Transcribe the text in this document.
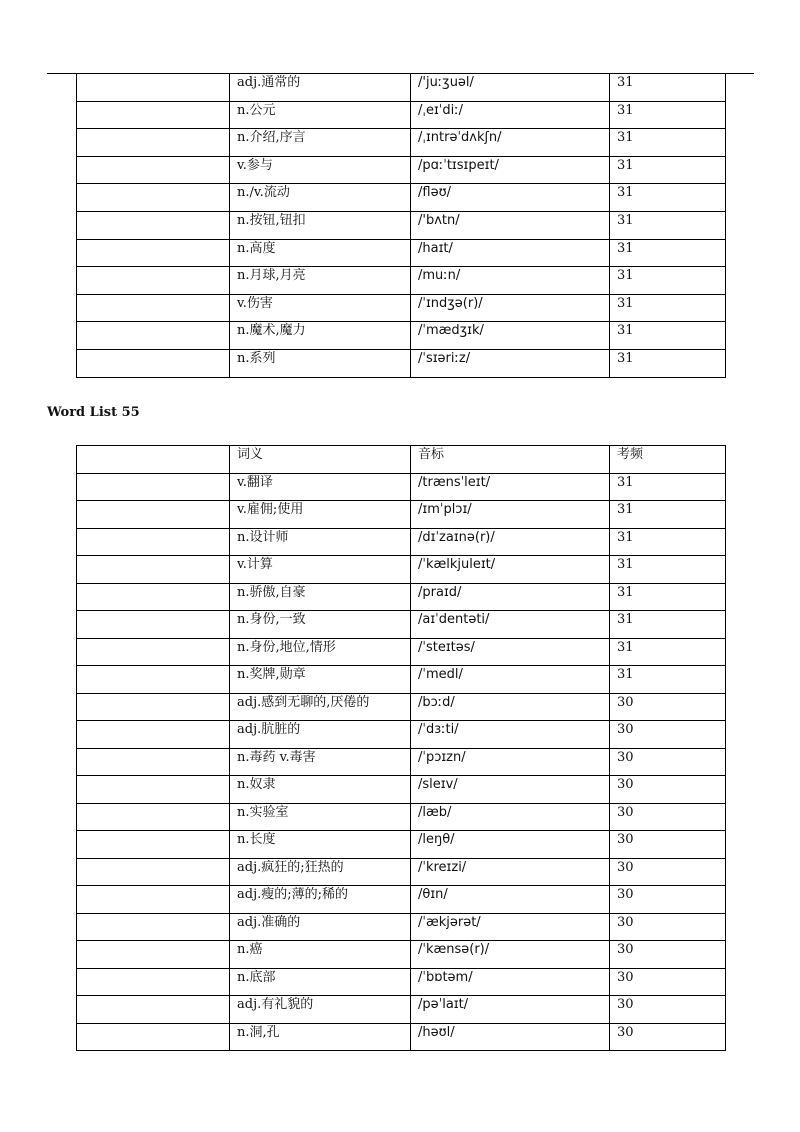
	adj.通常的	/'juːʒuəl/	31
	n.公元	/ˌeɪˈdiː/	31
	n.介绍,序言	/ˌɪntrəˈdʌkʃn/	31
	v.参与	/pɑːˈtɪsɪpeɪt/	31
	n./v.流动	/fləʊ/	31
	n.按钮,钮扣	/'bʌtn/	31
	n.高度	/haɪt/	31
	n.月球,月亮	/muːn/	31
	v.伤害	/ˈɪndʒə(r)/	31
	n.魔术,魔力	/ˈmædʒɪk/	31
	n.系列	/ˈsɪəriːz/	31
Word List 55
	词义	音标	考频
	v.翻译	/trænsˈleɪt/	31
	v.雇佣;使用	/ɪmˈplɔɪ/	31
	n.设计师	/dɪˈzaɪnə(r)/	31
	v.计算	/ˈkælkjuleɪt/	31
	n.骄傲,自豪	/praɪd/	31
	n.身份,一致	/aɪˈdentəti/	31
	n.身份,地位,情形	/ˈsteɪtəs/	31
	n.奖牌,勋章	/ˈmedl/	31
	adj.感到无聊的,厌倦的	/bɔːd/	30
	adj.肮脏的	/ˈdɜːti/	30
	n.毒药 v.毒害	/ˈpɔɪzn/	30
	n.奴隶	/sleɪv/	30
	n.实验室	/læb/	30
	n.长度	/leŋθ/	30
	adj.疯狂的;狂热的	/ˈkreɪzi/	30
	adj.瘦的;薄的;稀的	/θɪn/	30
	adj.准确的	/ˈækjərət/	30
	n.癌	/ˈkænsə(r)/	30
	n.底部	/ˈbɒtəm/	30
	adj.有礼貌的	/pəˈlaɪt/	30
	n.洞,孔	/həʊl/	30
